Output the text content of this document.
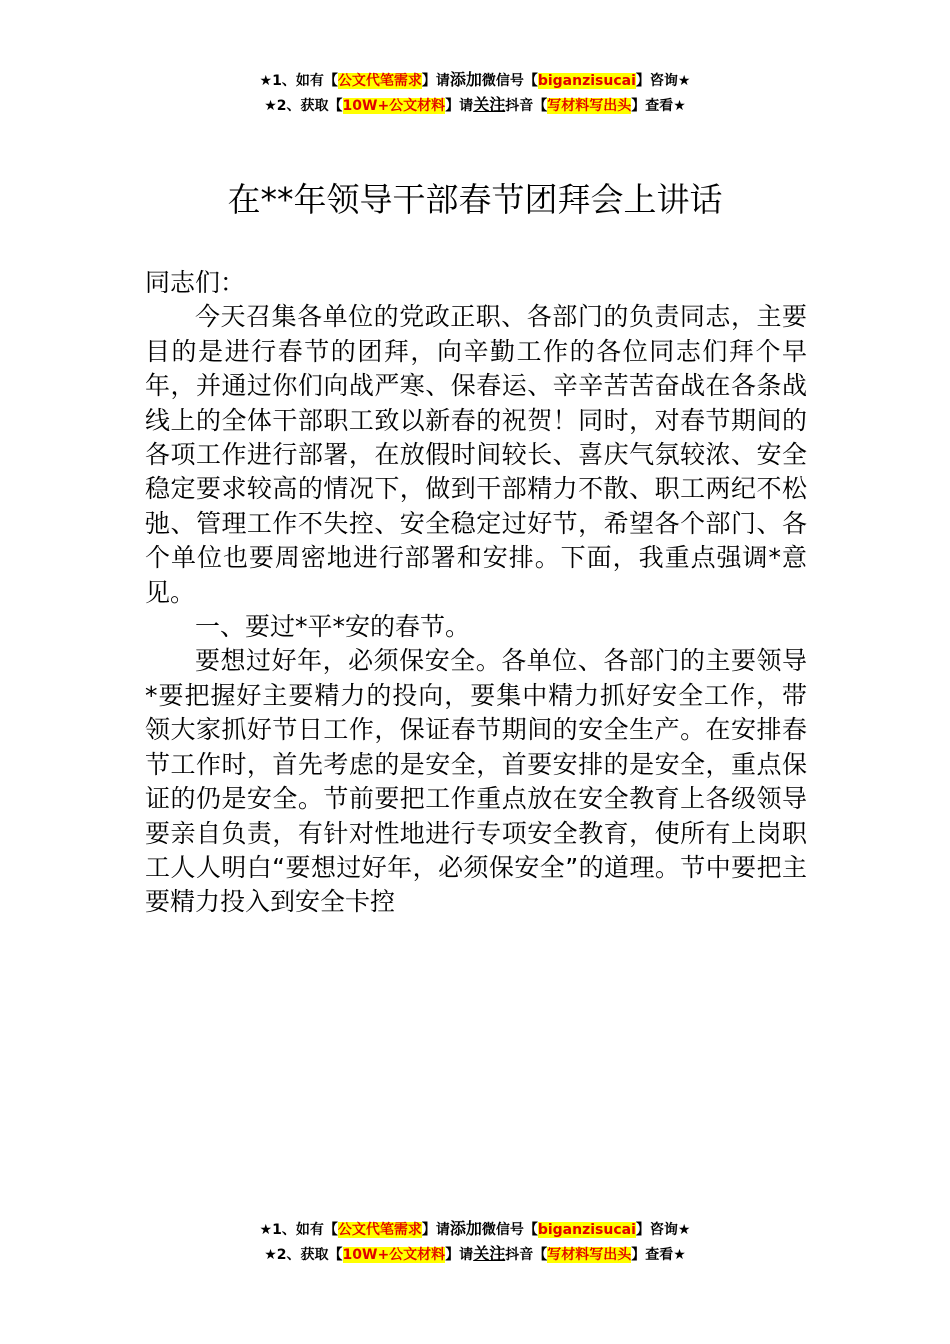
★1、如有【公文代笔需求】请添加微信号【biganzisucai】咨询★
★2、获取【10W+公文材料】请关注抖音【写材料写出头】查看★
在**年领导干部春节团拜会上讲话

同志们：

今天召集各单位的党政正职、各部门的负责同志，主要目的是进行春节的团拜，向辛勤工作的各位同志们拜个早年，并通过你们向战严寒、保春运、辛辛苦苦奋战在各条战线上的全体干部职工致以新春的祝贺！同时，对春节期间的各项工作进行部署，在放假时间较长、喜庆气氛较浓、安全稳定要求较高的情况下，做到干部精力不散、职工两纪不松弛、管理工作不失控、安全稳定过好节，希望各个部门、各个单位也要周密地进行部署和安排。下面，我重点强调*意见。

一、要过*平*安的春节。

要想过好年，必须保安全。各单位、各部门的主要领导*要把握好主要精力的投向，要集中精力抓好安全工作，带领大家抓好节日工作，保证春节期间的安全生产。在安排春节工作时，首先考虑的是安全，首要安排的是安全，重点保证的仍是安全。节前要把工作重点放在安全教育上各级领导要亲自负责，有针对性地进行专项安全教育，使所有上岗职工人人明白“要想过好年，必须保安全”的道理。节中要把主要精力投入到安全卡控

★1、如有【公文代笔需求】请添加微信号【biganzisucai】咨询★
★2、获取【10W+公文材料】请关注抖音【写材料写出头】查看★
